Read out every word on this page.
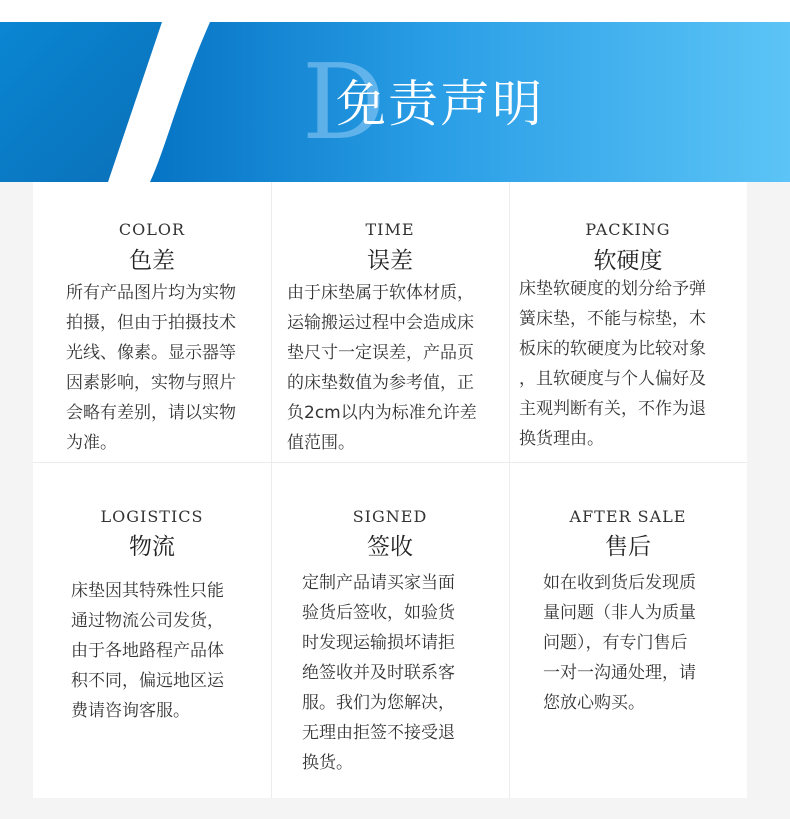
D
免责声明
COLOR
色差
所有产品图片均为实物
拍摄，但由于拍摄技术
光线、像素。显示器等
因素影响，实物与照片
会略有差别，请以实物
为准。
TIME
误差
由于床垫属于软体材质，
运输搬运过程中会造成床
垫尺寸一定误差，产品页
的床垫数值为参考值，正
负2cm以内为标准允许差
值范围。
PACKING
软硬度
床垫软硬度的划分给予弹
簧床垫，不能与棕垫，木
板床的软硬度为比较对象
，且软硬度与个人偏好及
主观判断有关，不作为退
换货理由。
LOGISTICS
物流
床垫因其特殊性只能
通过物流公司发货，
由于各地路程产品体
积不同，偏远地区运
费请咨询客服。
SIGNED
签收
定制产品请买家当面
验货后签收，如验货
时发现运输损坏请拒
绝签收并及时联系客
服。我们为您解决，
无理由拒签不接受退
换货。
AFTER SALE
售后
如在收到货后发现质
量问题（非人为质量
问题），有专门售后
一对一沟通处理，请
您放心购买。
